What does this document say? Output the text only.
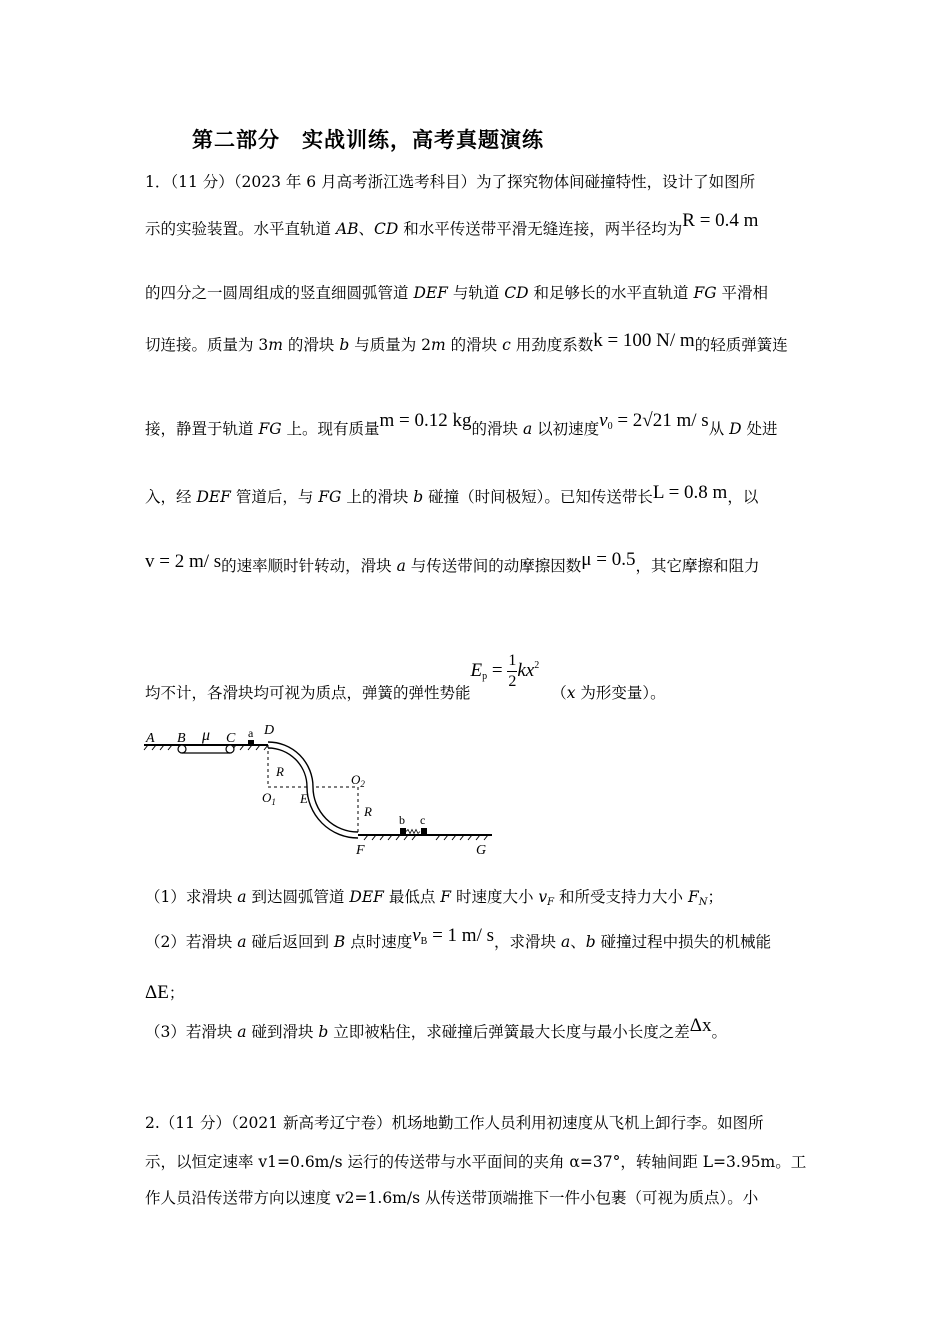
第二部分　实战训练，高考真题演练
1．（11 分）（2023 年 6 月高考浙江选考科目）为了探究物体间碰撞特性，设计了如图所
示的实验装置。水平直轨道 AB、CD 和水平传送带平滑无缝连接，两半径均为R = 0.4 m
的四分之一圆周组成的竖直细圆弧管道 DEF 与轨道 CD 和足够长的水平直轨道 FG 平滑相
切连接。质量为 3m 的滑块 b 与质量为 2m 的滑块 c 用劲度系数k = 100 N/ m的轻质弹簧连
接，静置于轨道 FG 上。现有质量m = 0.12 kg的滑块 a 以初速度$v_0 = 2√21$ m/ s从 D 处进
入，经 DEF 管道后，与 FG 上的滑块 b 碰撞（时间极短）。已知传送带长L = 0.8 m，以
v = 2 m/ s的速率顺时针转动，滑块 a 与传送带间的动摩擦因数μ = 0.5，其它摩擦和阻力
均不计，各滑块均可视为质点，弹簧的弹性势能$E_p = \frac{1}{2} kx^2(x$ 为形变量）。
A B μ C a D
R
$O_1$ E
$O_2$
R
b c
F	G
（1）求滑块 a 到达圆弧管道 DEF 最低点 F 时速度大小 $v_F$ 和所受支持力大小 $F_N$；
（2）若滑块 a 碰后返回到 B 点时速度$v_B = 1$ m/ s，求滑块 a、b 碰撞过程中损失的机械能
ΔE；
（3）若滑块 a 碰到滑块 b 立即被粘住，求碰撞后弹簧最大长度与最小长度之差Δx。
2.（11 分）（2021 新高考辽宁卷）机场地勤工作人员利用初速度从飞机上卸行李。如图所
示，以恒定速率 v1=0.6m/s 运行的传送带与水平面间的夹角 α=37°，转轴间距 L=3.95m。工
作人员沿传送带方向以速度 v2=1.6m/s 从传送带顶端推下一件小包裹（可视为质点）。小
